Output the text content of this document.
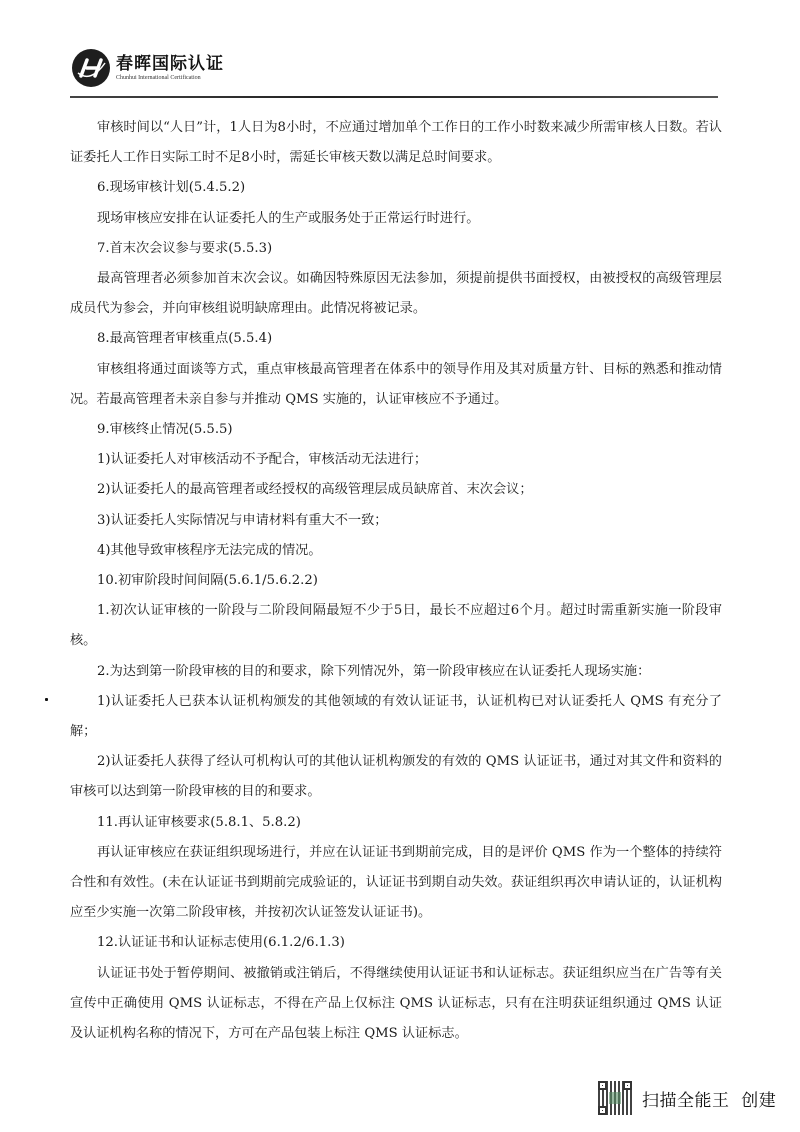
春晖国际认证
Chunhui International Certification

审核时间以“人日”计，1人日为8小时，不应通过增加单个工作日的工作小时数来减少所需审核人日数。若认证委托人工作日实际工时不足8小时，需延长审核天数以满足总时间要求。

6.现场审核计划(5.4.5.2)

现场审核应安排在认证委托人的生产或服务处于正常运行时进行。

7.首末次会议参与要求(5.5.3)

最高管理者必须参加首末次会议。如确因特殊原因无法参加，须提前提供书面授权，由被授权的高级管理层成员代为参会，并向审核组说明缺席理由。此情况将被记录。

8.最高管理者审核重点(5.5.4)

审核组将通过面谈等方式，重点审核最高管理者在体系中的领导作用及其对质量方针、目标的熟悉和推动情况。若最高管理者未亲自参与并推动 QMS 实施的，认证审核应不予通过。

9.审核终止情况(5.5.5)

1)认证委托人对审核活动不予配合，审核活动无法进行；

2)认证委托人的最高管理者或经授权的高级管理层成员缺席首、末次会议；

3)认证委托人实际情况与申请材料有重大不一致；

4)其他导致审核程序无法完成的情况。

10.初审阶段时间间隔(5.6.1/5.6.2.2)

1.初次认证审核的一阶段与二阶段间隔最短不少于5日，最长不应超过6个月。超过时需重新实施一阶段审核。

2.为达到第一阶段审核的目的和要求，除下列情况外，第一阶段审核应在认证委托人现场实施：

1)认证委托人已获本认证机构颁发的其他领域的有效认证证书，认证机构已对认证委托人 QMS 有充分了解；

2)认证委托人获得了经认可机构认可的其他认证机构颁发的有效的 QMS 认证证书，通过对其文件和资料的审核可以达到第一阶段审核的目的和要求。

11.再认证审核要求(5.8.1、5.8.2)

再认证审核应在获证组织现场进行，并应在认证证书到期前完成，目的是评价 QMS 作为一个整体的持续符合性和有效性。(未在认证证书到期前完成验证的，认证证书到期自动失效。获证组织再次申请认证的，认证机构应至少实施一次第二阶段审核，并按初次认证签发认证证书)。

12.认证证书和认证标志使用(6.1.2/6.1.3)

认证证书处于暂停期间、被撤销或注销后，不得继续使用认证证书和认证标志。获证组织应当在广告等有关宣传中正确使用 QMS 认证标志，不得在产品上仅标注 QMS 认证标志，只有在注明获证组织通过 QMS 认证及认证机构名称的情况下，方可在产品包装上标注 QMS 认证标志。

扫描全能王  创建
